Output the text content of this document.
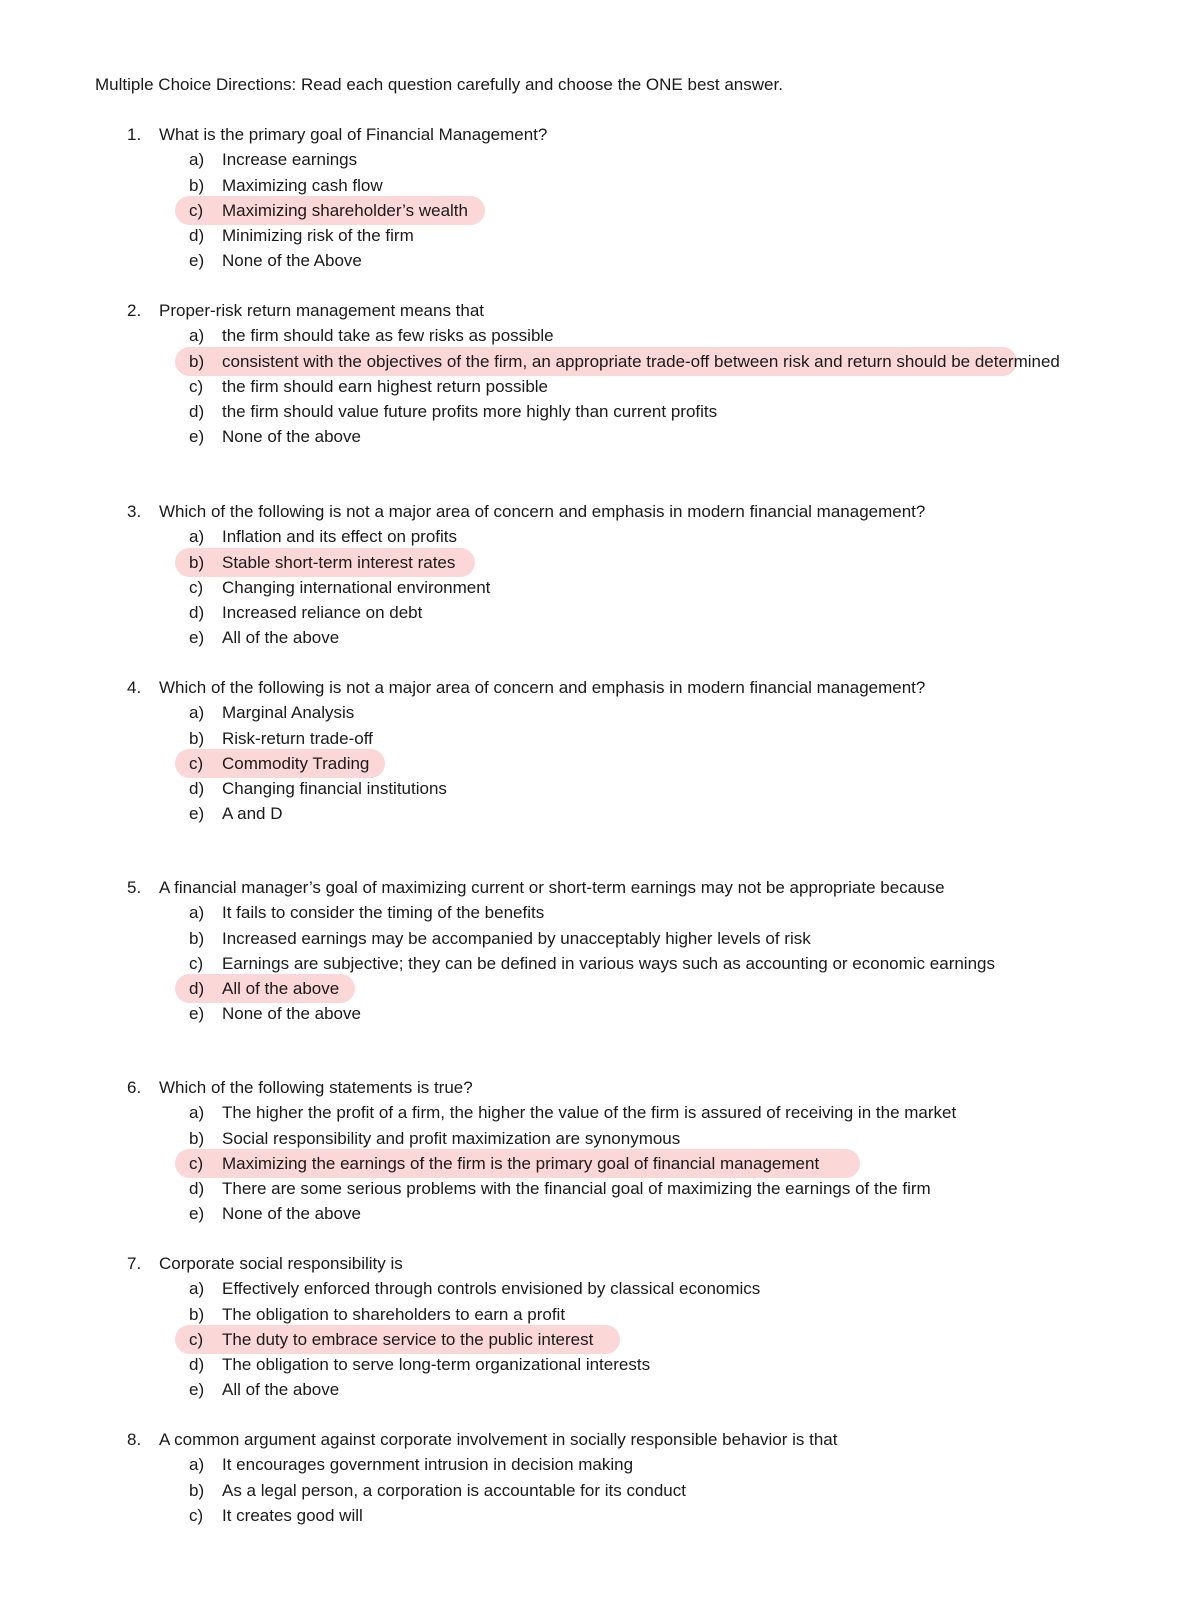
Multiple Choice Directions: Read each question carefully and choose the ONE best answer.
1.	What is the primary goal of Financial Management?
a)	Increase earnings
b)	Maximizing cash flow
c)	Maximizing shareholder’s wealth
d)	Minimizing risk of the firm
e)	None of the Above
2.	Proper-risk return management means that
a)	the firm should take as few risks as possible
b)	consistent with the objectives of the firm, an appropriate trade-off between risk and return should be determined
c)	the firm should earn highest return possible
d)	the firm should value future profits more highly than current profits
e)	None of the above
3.	Which of the following is not a major area of concern and emphasis in modern financial management?
a)	Inflation and its effect on profits
b)	Stable short-term interest rates
c)	Changing international environment
d)	Increased reliance on debt
e)	All of the above
4.	Which of the following is not a major area of concern and emphasis in modern financial management?
a)	Marginal Analysis
b)	Risk-return trade-off
c)	Commodity Trading
d)	Changing financial institutions
e)	A and D
5.	A financial manager’s goal of maximizing current or short-term earnings may not be appropriate because
a)	It fails to consider the timing of the benefits
b)	Increased earnings may be accompanied by unacceptably higher levels of risk
c)	Earnings are subjective; they can be defined in various ways such as accounting or economic earnings
d)	All of the above
e)	None of the above
6.	Which of the following statements is true?
a)	The higher the profit of a firm, the higher the value of the firm is assured of receiving in the market
b)	Social responsibility and profit maximization are synonymous
c)	Maximizing the earnings of the firm is the primary goal of financial management
d)	There are some serious problems with the financial goal of maximizing the earnings of the firm
e)	None of the above
7.	Corporate social responsibility is
a)	Effectively enforced through controls envisioned by classical economics
b)	The obligation to shareholders to earn a profit
c)	The duty to embrace service to the public interest
d)	The obligation to serve long-term organizational interests
e)	All of the above
8.	A common argument against corporate involvement in socially responsible behavior is that
a)	It encourages government intrusion in decision making
b)	As a legal person, a corporation is accountable for its conduct
c)	It creates good will
